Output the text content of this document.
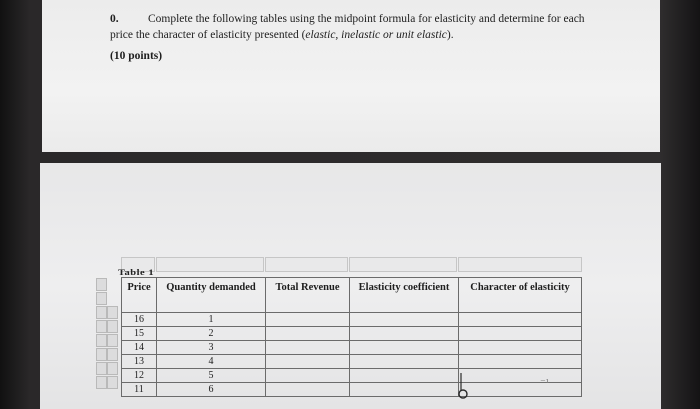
0.	Complete the following tables using the midpoint formula for elasticity and determine for each
price the character of elasticity presented (elastic, inelastic or unit elastic).
(10 points)
Table 1
Price	Quantity demanded	Total Revenue	Elasticity coefficient	Character of elasticity
16	1			
15	2			
14	3			
13	4			
12	5			
11	6			
⁻¹
